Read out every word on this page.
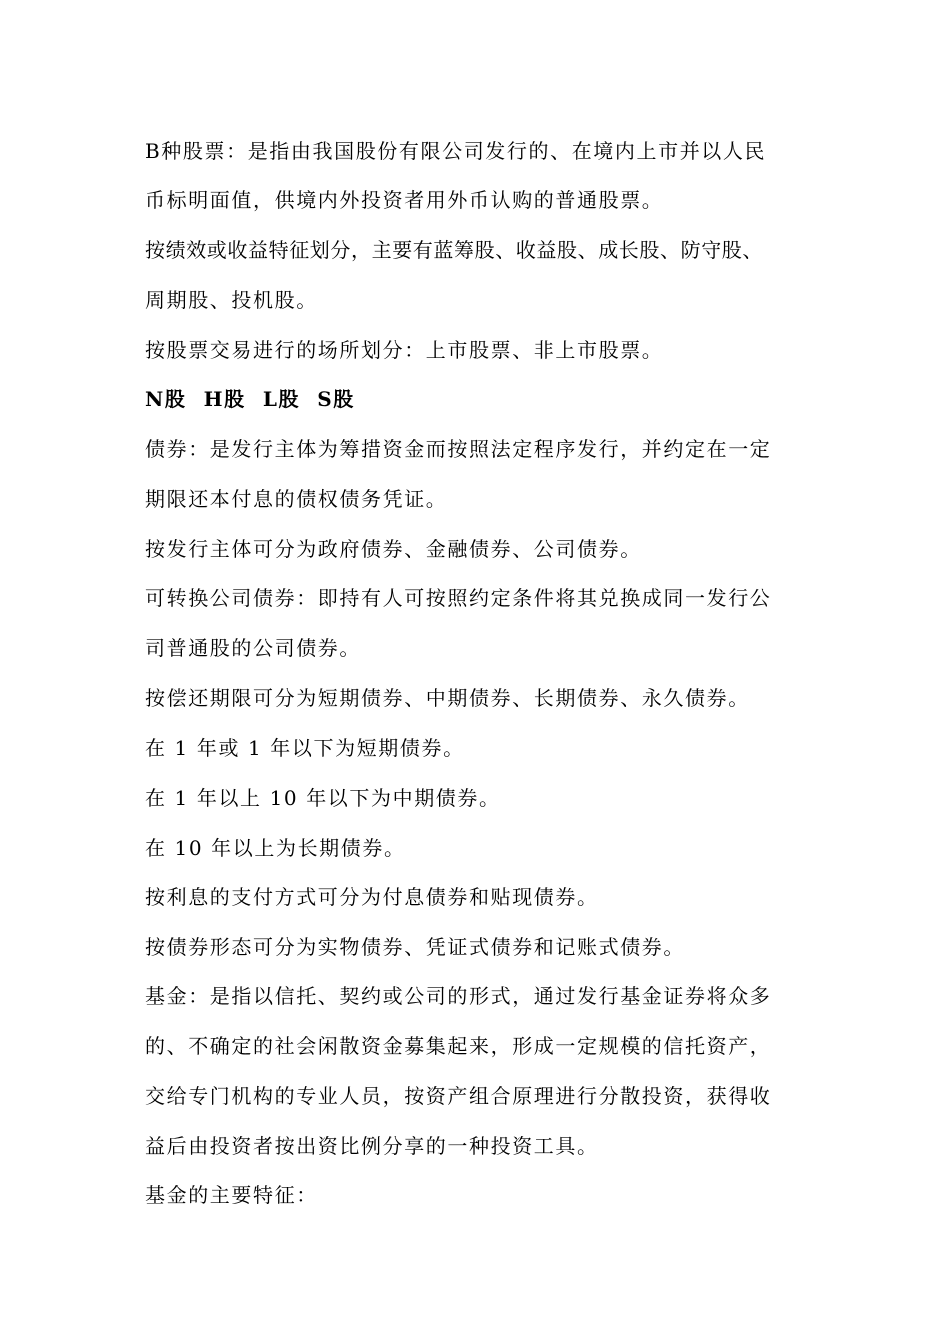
B种股票：是指由我国股份有限公司发行的、在境内上市并以人民
币标明面值，供境内外投资者用外币认购的普通股票。
按绩效或收益特征划分，主要有蓝筹股、收益股、成长股、防守股、
周期股、投机股。
按股票交易进行的场所划分：上市股票、非上市股票。
N股  H股  L股  S股
债券：是发行主体为筹措资金而按照法定程序发行，并约定在一定
期限还本付息的债权债务凭证。
按发行主体可分为政府债券、金融债券、公司债券。
可转换公司债券：即持有人可按照约定条件将其兑换成同一发行公
司普通股的公司债券。
按偿还期限可分为短期债券、中期债券、长期债券、永久债券。
在 1 年或 1 年以下为短期债券。
在 1 年以上 10 年以下为中期债券。
在 10 年以上为长期债券。
按利息的支付方式可分为付息债券和贴现债券。
按债券形态可分为实物债券、凭证式债券和记账式债券。
基金：是指以信托、契约或公司的形式，通过发行基金证券将众多
的、不确定的社会闲散资金募集起来，形成一定规模的信托资产，
交给专门机构的专业人员，按资产组合原理进行分散投资，获得收
益后由投资者按出资比例分享的一种投资工具。
基金的主要特征：
